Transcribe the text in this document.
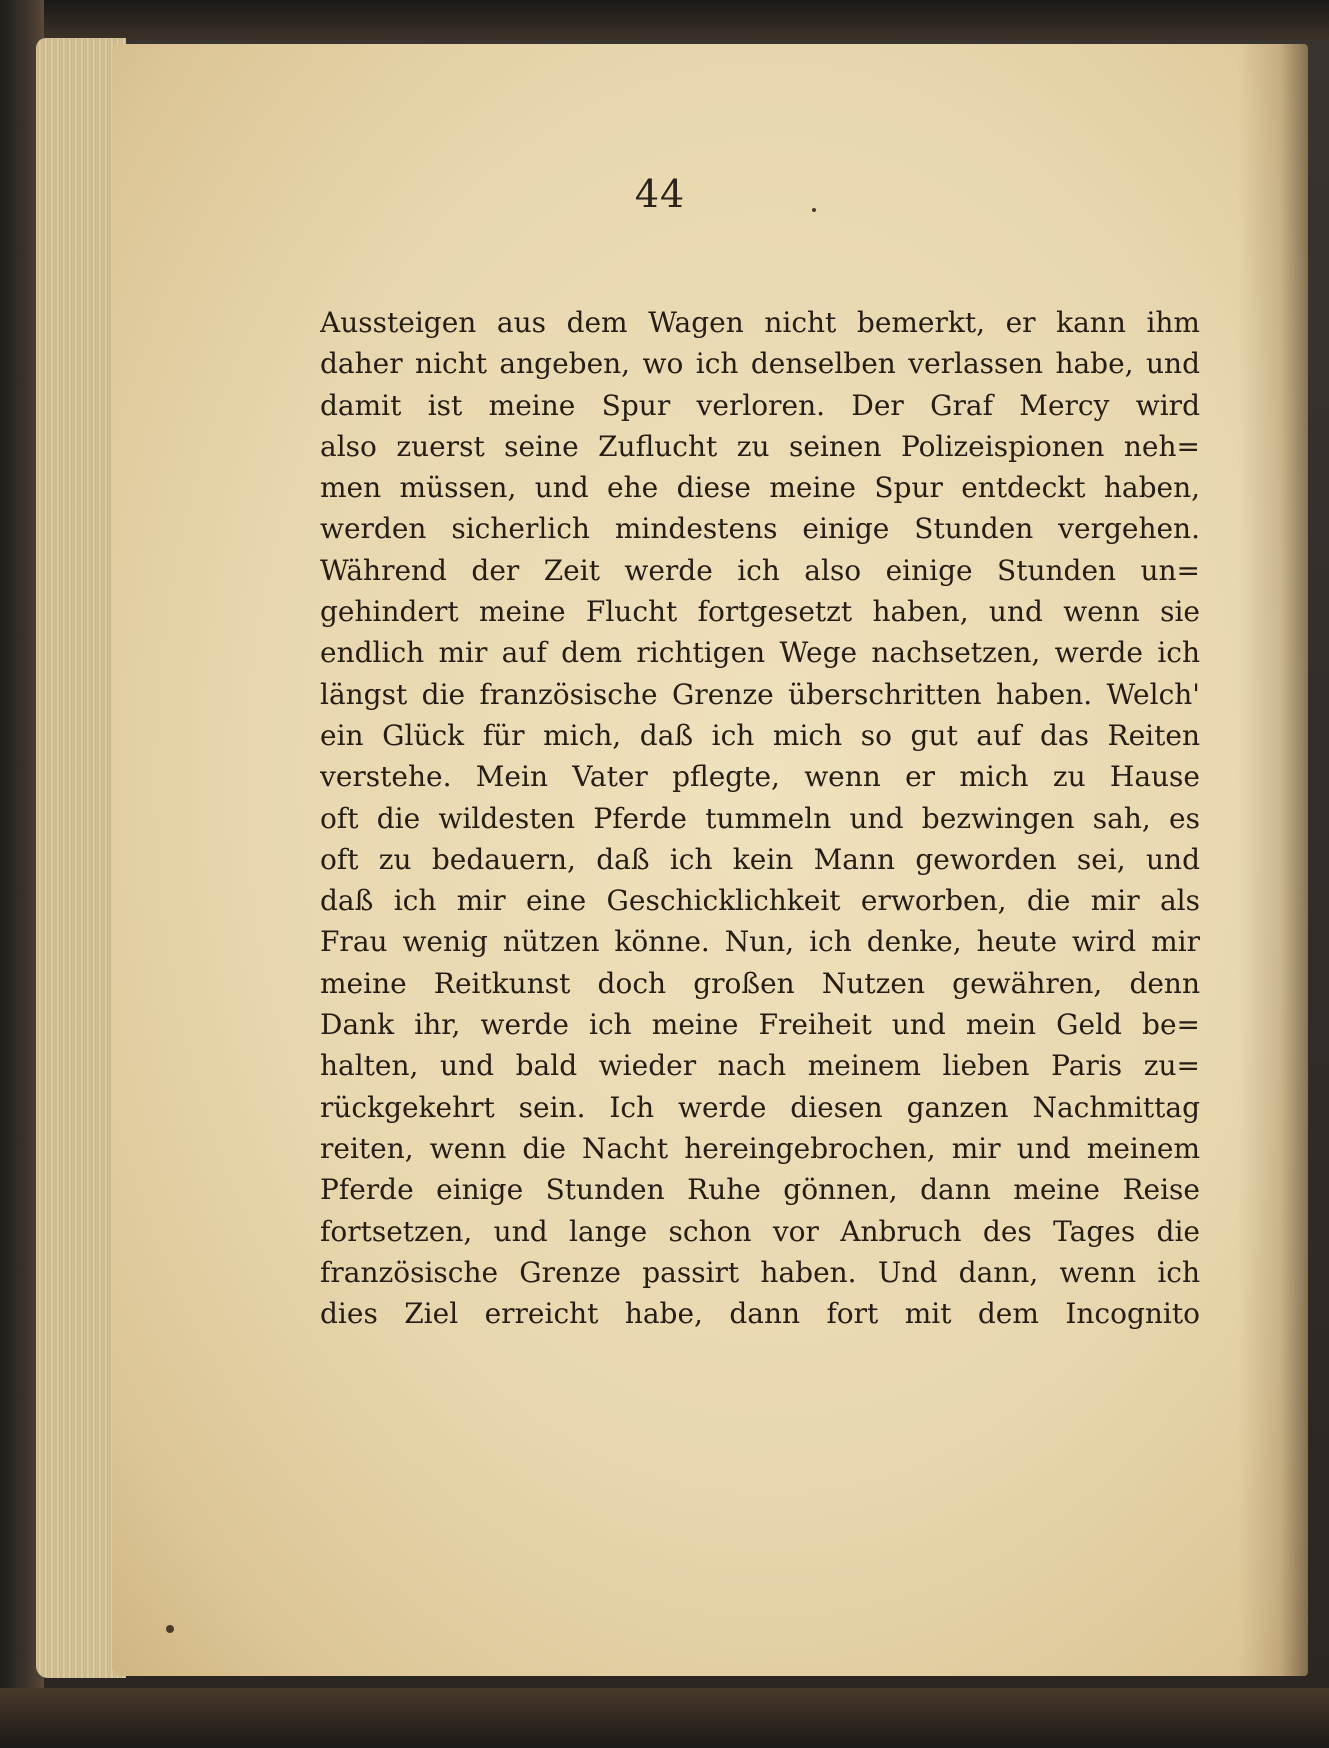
44
Aussteigen aus dem Wagen nicht bemerkt, er kann ihm
daher nicht angeben, wo ich denselben verlassen habe, und
damit ist meine Spur verloren. Der Graf Mercy wird
also zuerst seine Zuflucht zu seinen Polizeispionen neh=
men müssen, und ehe diese meine Spur entdeckt haben,
werden sicherlich mindestens einige Stunden vergehen.
Während der Zeit werde ich also einige Stunden un=
gehindert meine Flucht fortgesetzt haben, und wenn sie
endlich mir auf dem richtigen Wege nachsetzen, werde ich
längst die französische Grenze überschritten haben. Welch'
ein Glück für mich, daß ich mich so gut auf das Reiten
verstehe. Mein Vater pflegte, wenn er mich zu Hause
oft die wildesten Pferde tummeln und bezwingen sah, es
oft zu bedauern, daß ich kein Mann geworden sei, und
daß ich mir eine Geschicklichkeit erworben, die mir als
Frau wenig nützen könne. Nun, ich denke, heute wird mir
meine Reitkunst doch großen Nutzen gewähren, denn
Dank ihr, werde ich meine Freiheit und mein Geld be=
halten, und bald wieder nach meinem lieben Paris zu=
rückgekehrt sein. Ich werde diesen ganzen Nachmittag
reiten, wenn die Nacht hereingebrochen, mir und meinem
Pferde einige Stunden Ruhe gönnen, dann meine Reise
fortsetzen, und lange schon vor Anbruch des Tages die
französische Grenze passirt haben. Und dann, wenn ich
dies Ziel erreicht habe, dann fort mit dem Incognito
